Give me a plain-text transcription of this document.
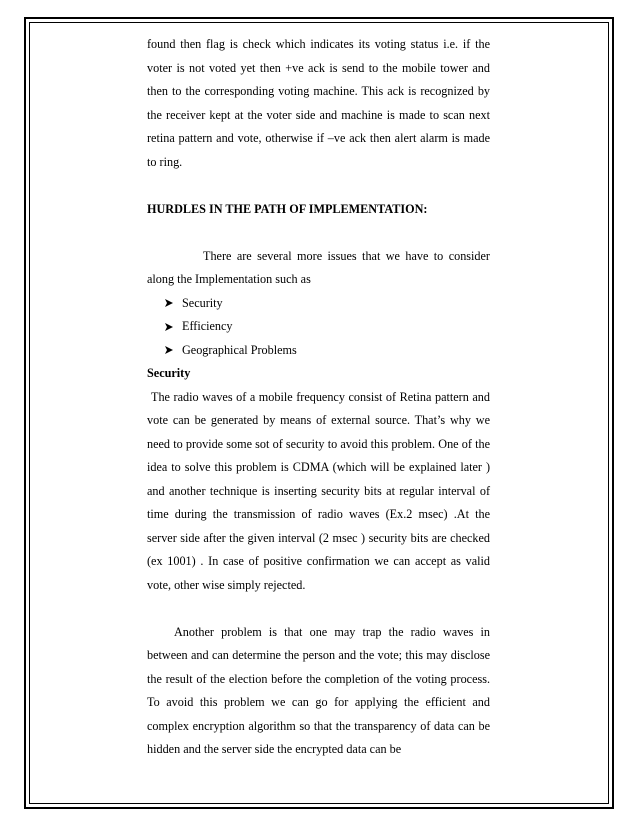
found then flag is check which indicates its voting status i.e. if the voter is not voted yet then +ve ack is send to the mobile tower and then to the corresponding voting machine. This ack is recognized by the receiver kept at the voter side and machine is made to scan next retina pattern and vote, otherwise if –ve ack then alert alarm is made to ring.

HURDLES IN THE PATH OF IMPLEMENTATION:

There are several more issues that we have to consider along the Implementation such as

Security
Efficiency
Geographical Problems

Security

The radio waves of a mobile frequency consist of Retina pattern and vote can be generated by means of external source. That’s why we need to provide some sot of security to avoid this problem. One of the idea to solve this problem is CDMA (which will be explained later ) and another technique is inserting security bits at regular interval of time during the transmission of radio waves (Ex.2 msec) .At the server side after the given interval (2 msec ) security bits are checked (ex 1001) . In case of positive confirmation we can accept as valid vote, other wise simply rejected.

Another problem is that one may trap the radio waves in between and can determine the person and the vote; this may disclose the result of the election before the completion of the voting process. To avoid this problem we can go for applying the efficient and complex encryption algorithm so that the transparency of data can be hidden and the server side the encrypted data can be
